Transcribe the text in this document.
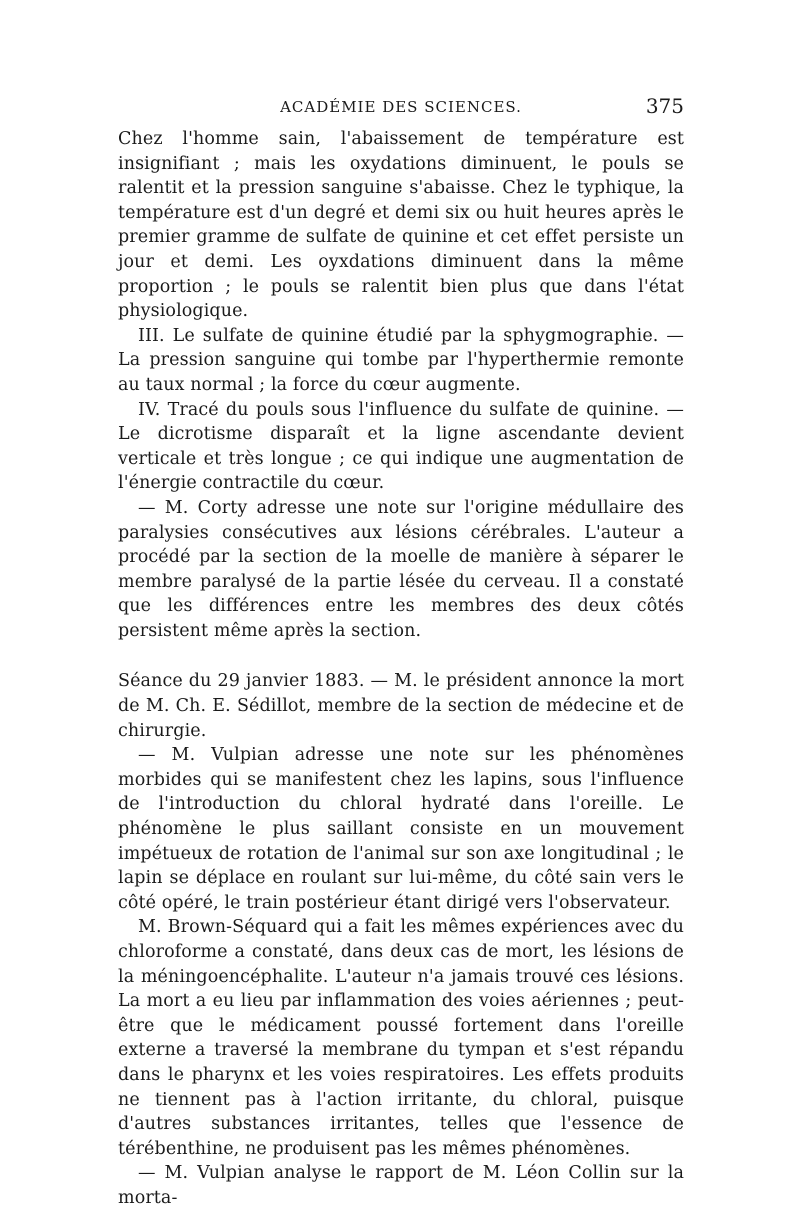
ACADÉMIE DES SCIENCES.	375

Chez l'homme sain, l'abaissement de température est insignifiant ; mais les oxydations diminuent, le pouls se ralentit et la pression sanguine s'abaisse. Chez le typhique, la température est d'un degré et demi six ou huit heures après le premier gramme de sulfate de quinine et cet effet persiste un jour et demi. Les oyxdations diminuent dans la même proportion ; le pouls se ralentit bien plus que dans l'état physiologique.

III. Le sulfate de quinine étudié par la sphygmographie. — La pression sanguine qui tombe par l'hyperthermie remonte au taux normal ; la force du cœur augmente.

IV. Tracé du pouls sous l'influence du sulfate de quinine. — Le dicrotisme disparaît et la ligne ascendante devient verticale et très longue ; ce qui indique une augmentation de l'énergie contractile du cœur.

— M. Corty adresse une note sur l'origine médullaire des paralysies consécutives aux lésions cérébrales. L'auteur a procédé par la section de la moelle de manière à séparer le membre paralysé de la partie lésée du cerveau. Il a constaté que les différences entre les membres des deux côtés persistent même après la section.

Séance du 29 janvier 1883. — M. le président annonce la mort de M. Ch. E. Sédillot, membre de la section de médecine et de chirurgie.

— M. Vulpian adresse une note sur les phénomènes morbides qui se manifestent chez les lapins, sous l'influence de l'introduction du chloral hydraté dans l'oreille. Le phénomène le plus saillant consiste en un mouvement impétueux de rotation de l'animal sur son axe longitudinal ; le lapin se déplace en roulant sur lui-même, du côté sain vers le côté opéré, le train postérieur étant dirigé vers l'observateur.

M. Brown-Séquard qui a fait les mêmes expériences avec du chloroforme a constaté, dans deux cas de mort, les lésions de la méningoencéphalite. L'auteur n'a jamais trouvé ces lésions. La mort a eu lieu par inflammation des voies aériennes ; peut-être que le médicament poussé fortement dans l'oreille externe a traversé la membrane du tympan et s'est répandu dans le pharynx et les voies respiratoires. Les effets produits ne tiennent pas à l'action irritante, du chloral, puisque d'autres substances irritantes, telles que l'essence de térébenthine, ne produisent pas les mêmes phénomènes.

— M. Vulpian analyse le rapport de M. Léon Collin sur la morta-
